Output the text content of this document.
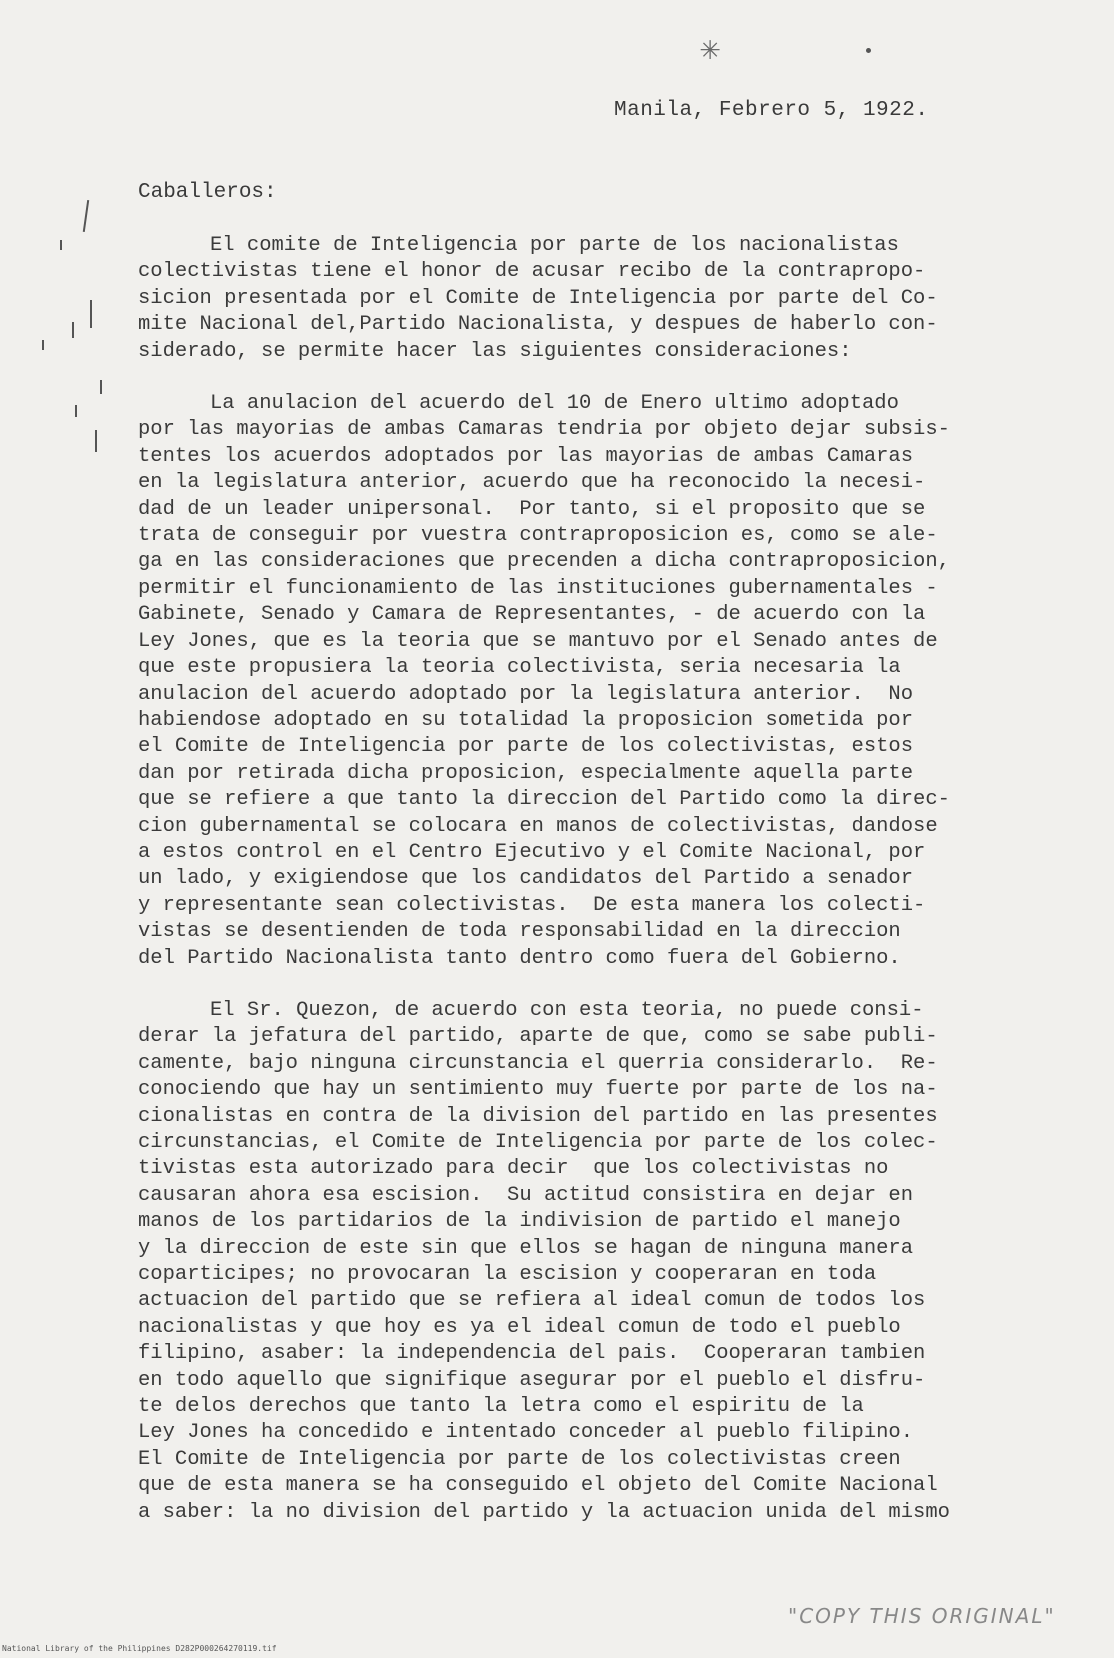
✳
Manila, Febrero 5, 1922.
Caballeros:
El comite de Inteligencia por parte de los nacionalistas
colectivistas tiene el honor de acusar recibo de la contrapropo-
sicion presentada por el Comite de Inteligencia por parte del Co-
mite Nacional del,Partido Nacionalista, y despues de haberlo con-
siderado, se permite hacer las siguientes consideraciones:
La anulacion del acuerdo del 10 de Enero ultimo adoptado
por las mayorias de ambas Camaras tendria por objeto dejar subsis-
tentes los acuerdos adoptados por las mayorias de ambas Camaras
en la legislatura anterior, acuerdo que ha reconocido la necesi-
dad de un leader unipersonal.  Por tanto, si el proposito que se
trata de conseguir por vuestra contraproposicion es, como se ale-
ga en las consideraciones que precenden a dicha contraproposicion,
permitir el funcionamiento de las instituciones gubernamentales -
Gabinete, Senado y Camara de Representantes, - de acuerdo con la
Ley Jones, que es la teoria que se mantuvo por el Senado antes de
que este propusiera la teoria colectivista, seria necesaria la
anulacion del acuerdo adoptado por la legislatura anterior.  No
habiendose adoptado en su totalidad la proposicion sometida por
el Comite de Inteligencia por parte de los colectivistas, estos
dan por retirada dicha proposicion, especialmente aquella parte
que se refiere a que tanto la direccion del Partido como la direc-
cion gubernamental se colocara en manos de colectivistas, dandose
a estos control en el Centro Ejecutivo y el Comite Nacional, por
un lado, y exigiendose que los candidatos del Partido a senador
y representante sean colectivistas.  De esta manera los colecti-
vistas se desentienden de toda responsabilidad en la direccion
del Partido Nacionalista tanto dentro como fuera del Gobierno.
El Sr. Quezon, de acuerdo con esta teoria, no puede consi-
derar la jefatura del partido, aparte de que, como se sabe publi-
camente, bajo ninguna circunstancia el querria considerarlo.  Re-
conociendo que hay un sentimiento muy fuerte por parte de los na-
cionalistas en contra de la division del partido en las presentes
circunstancias, el Comite de Inteligencia por parte de los colec-
tivistas esta autorizado para decir  que los colectivistas no
causaran ahora esa escision.  Su actitud consistira en dejar en
manos de los partidarios de la indivision de partido el manejo
y la direccion de este sin que ellos se hagan de ninguna manera
coparticipes; no provocaran la escision y cooperaran en toda
actuacion del partido que se refiera al ideal comun de todos los
nacionalistas y que hoy es ya el ideal comun de todo el pueblo
filipino, asaber: la independencia del pais.  Cooperaran tambien
en todo aquello que signifique asegurar por el pueblo el disfru-
te delos derechos que tanto la letra como el espiritu de la
Ley Jones ha concedido e intentado conceder al pueblo filipino.
El Comite de Inteligencia por parte de los colectivistas creen
que de esta manera se ha conseguido el objeto del Comite Nacional
a saber: la no division del partido y la actuacion unida del mismo
"COPY THIS ORIGINAL"
National Library of the Philippines D282P000264270119.tif
